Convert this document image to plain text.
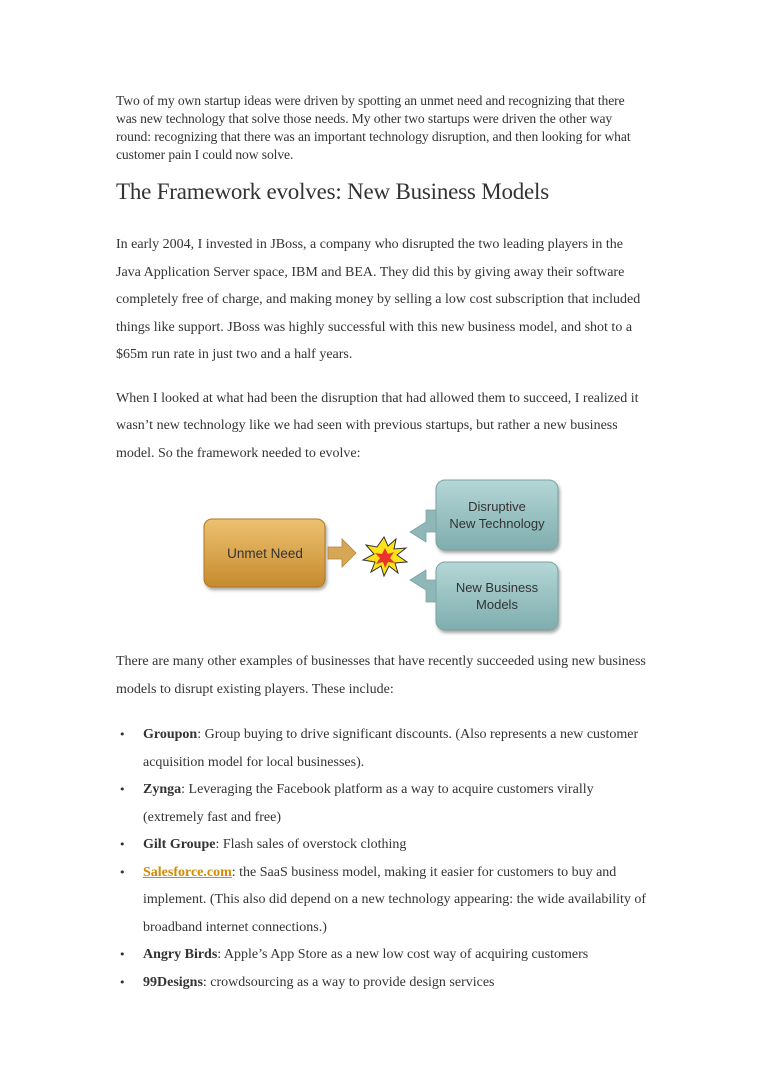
Two of my own startup ideas were driven by spotting an unmet need and recognizing that there was new technology that solve those needs. My other two startups were driven the other way round: recognizing that there was an important technology disruption, and then looking for what customer pain I could now solve.

The Framework evolves: New Business Models

In early 2004, I invested in JBoss, a company who disrupted the two leading players in the Java Application Server space, IBM and BEA. They did this by giving away their software completely free of charge, and making money by selling a low cost subscription that included things like support. JBoss was highly successful with this new business model, and shot to a $65m run rate in just two and a half years.

When I looked at what had been the disruption that had allowed them to succeed, I realized it wasn’t new technology like we had seen with previous startups, but rather a new business model. So the framework needed to evolve:

There are many other examples of businesses that have recently succeeded using new business models to disrupt existing players. These include:

• Groupon: Group buying to drive significant discounts. (Also represents a new customer acquisition model for local businesses).
• Zynga: Leveraging the Facebook platform as a way to acquire customers virally (extremely fast and free)
• Gilt Groupe: Flash sales of overstock clothing
• Salesforce.com: the SaaS business model, making it easier for customers to buy and implement. (This also did depend on a new technology appearing: the wide availability of broadband internet connections.)
• Angry Birds: Apple’s App Store as a new low cost way of acquiring customers
• 99Designs: crowdsourcing as a way to provide design services
Unmet Need
Disruptive
New Technology
New Business
Models
